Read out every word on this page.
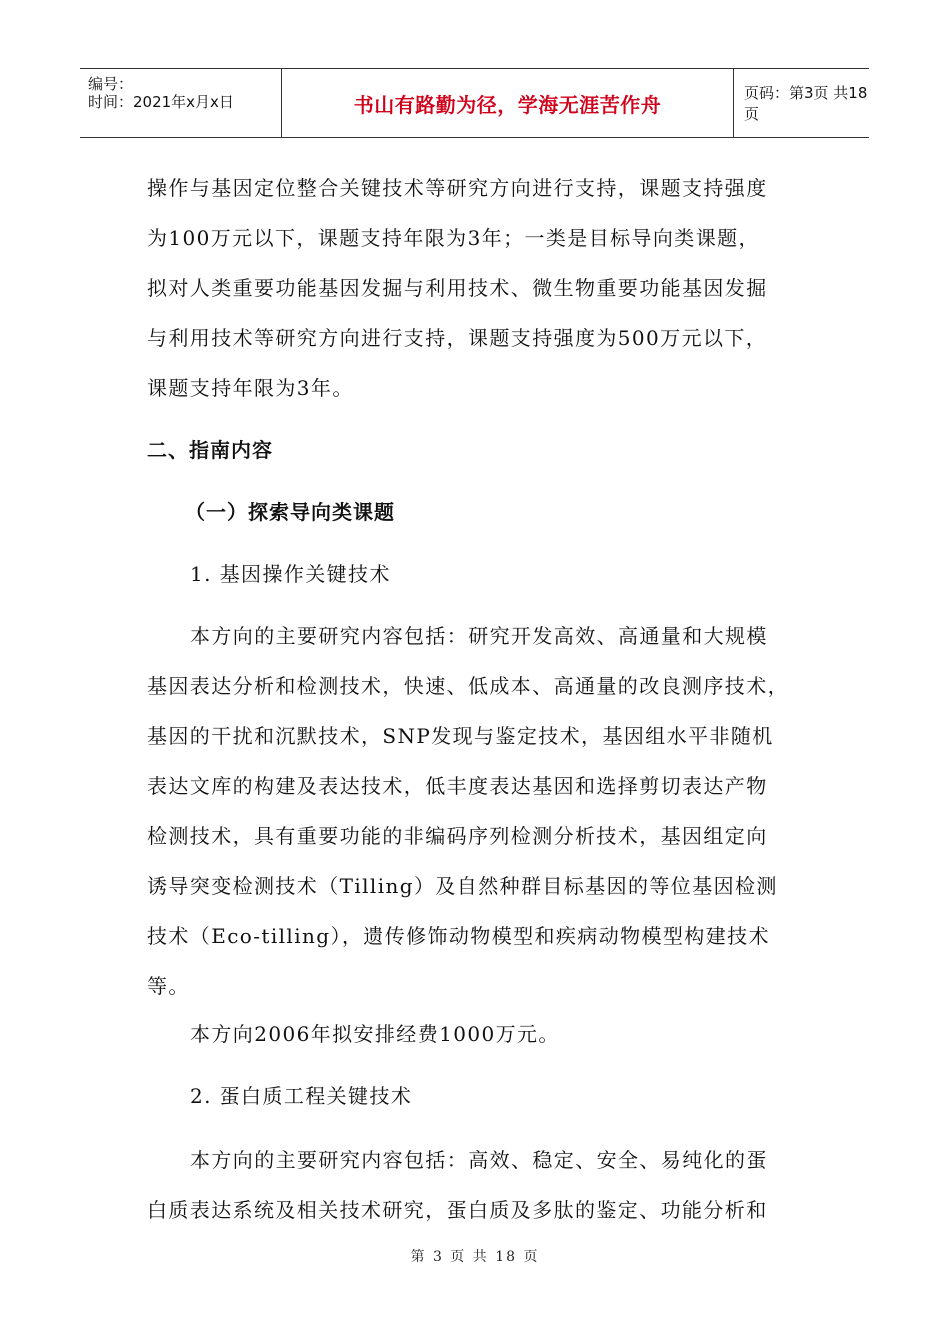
编号：
时间：2021年x月x日	书山有路勤为径，学海无涯苦作舟	页码：第3页 共18页
操作与基因定位整合关键技术等研究方向进行支持，课题支持强度
为100万元以下，课题支持年限为3年；一类是目标导向类课题，
拟对人类重要功能基因发掘与利用技术、微生物重要功能基因发掘
与利用技术等研究方向进行支持，课题支持强度为500万元以下，
课题支持年限为3年。
二、指南内容
（一）探索导向类课题
1. 基因操作关键技术
本方向的主要研究内容包括：研究开发高效、高通量和大规模
基因表达分析和检测技术，快速、低成本、高通量的改良测序技术，
基因的干扰和沉默技术，SNP发现与鉴定技术，基因组水平非随机
表达文库的构建及表达技术，低丰度表达基因和选择剪切表达产物
检测技术，具有重要功能的非编码序列检测分析技术，基因组定向
诱导突变检测技术（Tilling）及自然种群目标基因的等位基因检测
技术（Eco-tilling），遗传修饰动物模型和疾病动物模型构建技术
等。
本方向2006年拟安排经费1000万元。
2. 蛋白质工程关键技术
本方向的主要研究内容包括：高效、稳定、安全、易纯化的蛋
白质表达系统及相关技术研究，蛋白质及多肽的鉴定、功能分析和
第 3 页 共 18 页
